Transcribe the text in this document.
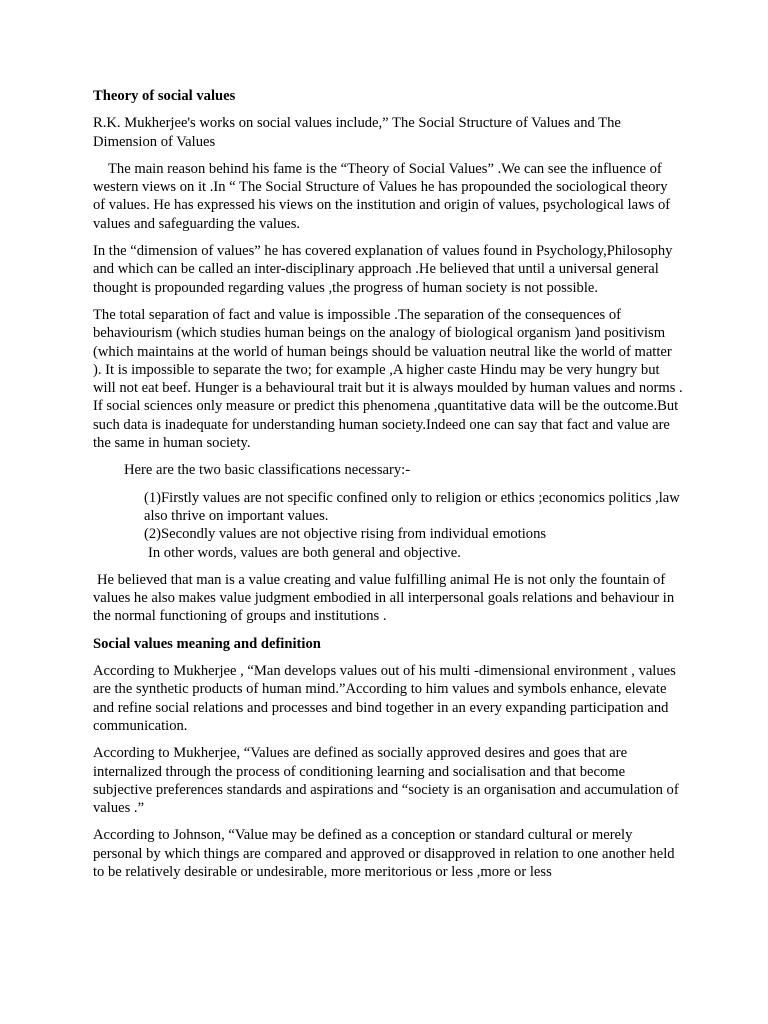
Theory of social values

R.K. Mukherjee's works on social values include,” The Social Structure of Values and The Dimension of Values

The main reason behind his fame is the “Theory of Social Values” .We can see the influence of western views on it .In “ The Social Structure of Values he has propounded the sociological theory of values. He has expressed his views on the institution and origin of values, psychological laws of values and safeguarding the values.

In the “dimension of values” he has covered explanation of values found in Psychology,Philosophy and which can be called an inter-disciplinary approach .He believed that until a universal general thought is propounded regarding values ,the progress of human society is not possible.

The total separation of fact and value is impossible .The separation of the consequences of behaviourism (which studies human beings on the analogy of biological organism )and positivism (which maintains at the world of human beings should be valuation neutral like the world of matter ). It is impossible to separate the two; for example ,A higher caste Hindu may be very hungry but will not eat beef. Hunger is a behavioural trait but it is always moulded by human values and norms . If social sciences only measure or predict this phenomena ,quantitative data will be the outcome.But such data is inadequate for understanding human society.Indeed one can say that fact and value are the same in human society.

Here are the two basic classifications necessary:-

(1)Firstly values are not specific confined only to religion or ethics ;economics politics ,law also thrive on important values.
(2)Secondly values are not objective rising from individual emotions
In other words, values are both general and objective.

He believed that man is a value creating and value fulfilling animal He is not only the fountain of values he also makes value judgment embodied in all interpersonal goals relations and behaviour in the normal functioning of groups and institutions .

Social values meaning and definition

According to Mukherjee , “Man develops values out of his multi -dimensional environment , values are the synthetic products of human mind.”According to him values and symbols enhance, elevate and refine social relations and processes and bind together in an every expanding participation and communication.

According to Mukherjee, “Values are defined as socially approved desires and goes that are internalized through the process of conditioning learning and socialisation and that become subjective preferences standards and aspirations and “society is an organisation and accumulation of values .”

According to Johnson, “Value may be defined as a conception or standard cultural or merely personal by which things are compared and approved or disapproved in relation to one another held to be relatively desirable or undesirable, more meritorious or less ,more or less
